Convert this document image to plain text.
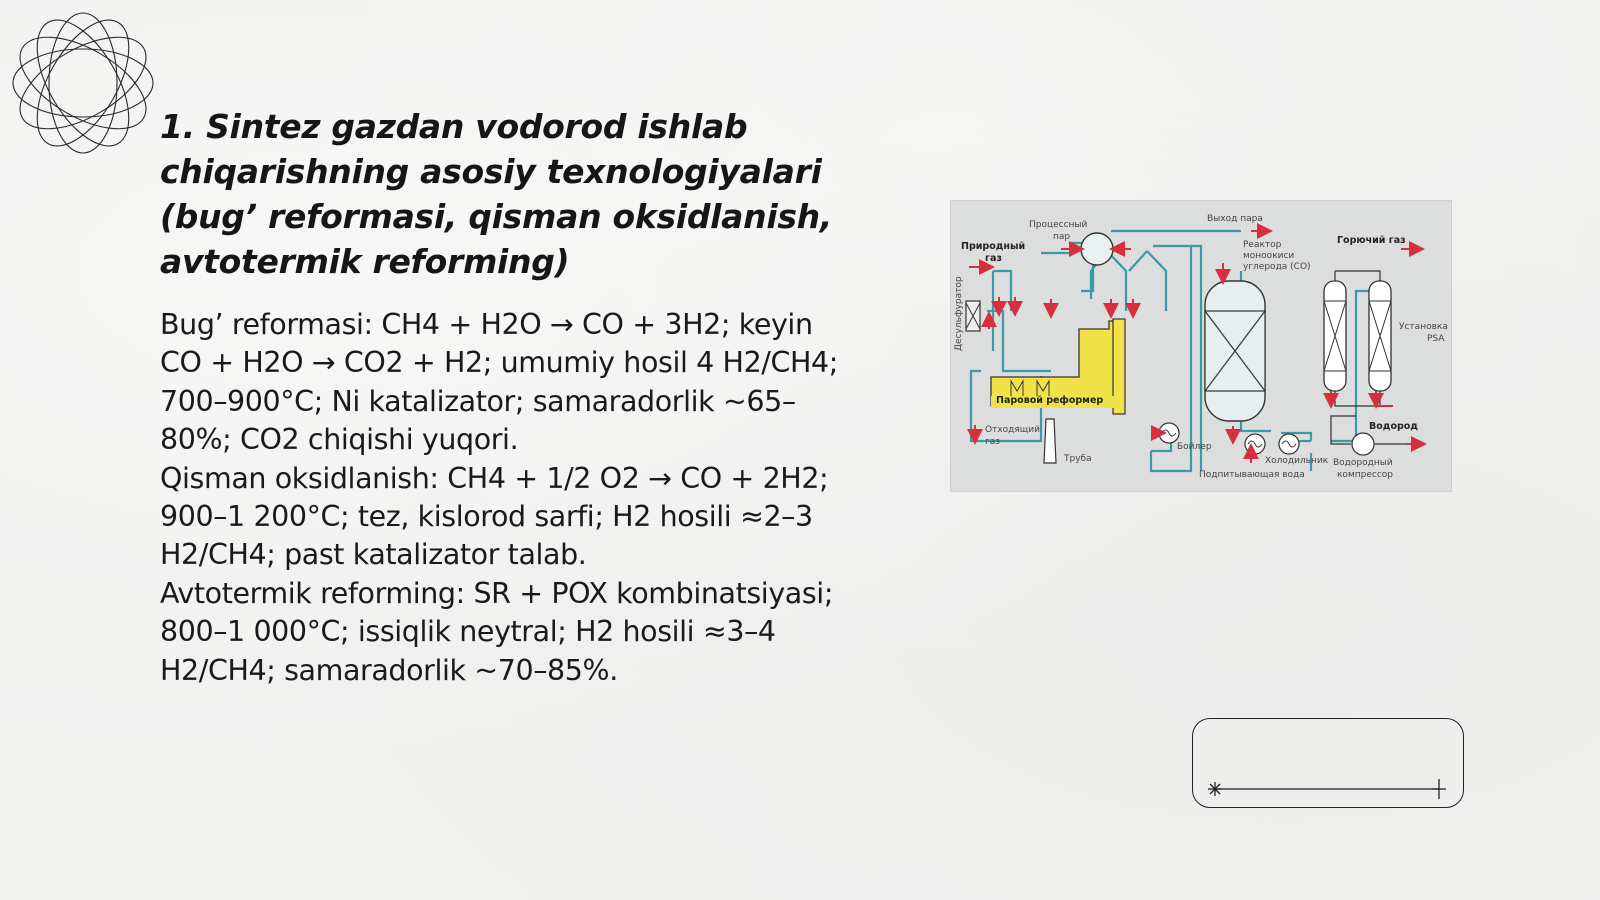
1. Sintez gazdan vodorod ishlab chiqarishning asosiy texnologiyalari (bug’ reformasi, qisman oksidlanish, avtotermik reforming)

Bug’ reformasi: CH4 + H2O → CO + 3H2; keyin CO + H2O → CO2 + H2; umumiy hosil 4 H2/CH4; 700–900°C; Ni katalizator; samaradorlik ~65–80%; CO2 chiqishi yuqori.

Qisman oksidlanish: CH4 + 1/2 O2 → CO + 2H2; 900–1 200°C; tez, kislorod sarfi; H2 hosili ≈2–3 H2/CH4; past katalizator talab.

Avtotermik reforming: SR + POX kombinatsiyasi; 800–1 000°C; issiqlik neytral; H2 hosili ≈3–4 H2/CH4; samaradorlik ~70–85%.

Природный
газ
Десульфуратор
Процессный
пар
Выход пара
Реактор
моноокиси
углерода (CO)
Горючий газ
Установка
PSA
Паровой реформер
Отходящий
газ
Труба
Бойлер
Холодильник
Подпитывающая вода
Водород
Водородный
компрессор
